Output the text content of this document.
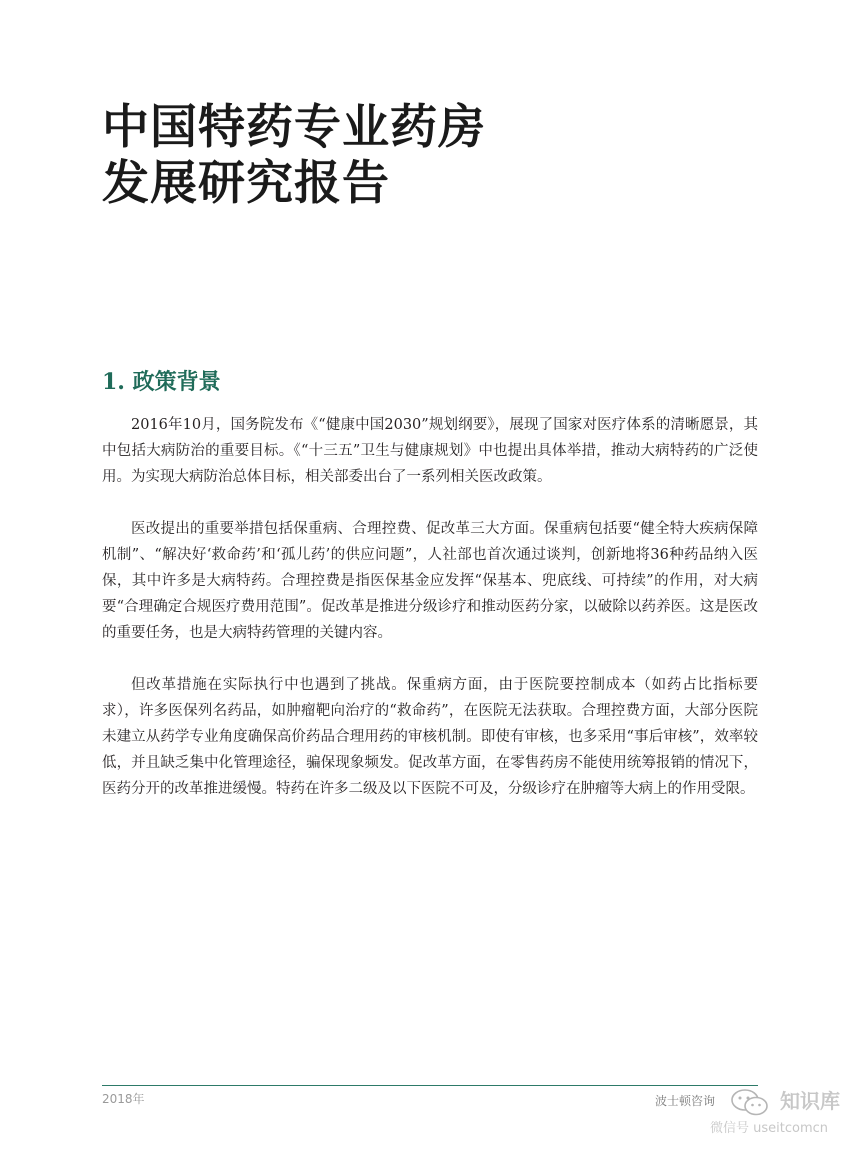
中国特药专业药房
发展研究报告
1. 政策背景

2016年10月，国务院发布《“健康中国2030”规划纲要》，展现了国家对医疗体系的清晰愿景，其中包括大病防治的重要目标。《“十三五”卫生与健康规划》中也提出具体举措，推动大病特药的广泛使用。为实现大病防治总体目标，相关部委出台了一系列相关医改政策。

医改提出的重要举措包括保重病、合理控费、促改革三大方面。保重病包括要“健全特大疾病保障机制”、“解决好‘救命药’和‘孤儿药’的供应问题”，人社部也首次通过谈判，创新地将36种药品纳入医保，其中许多是大病特药。合理控费是指医保基金应发挥“保基本、兜底线、可持续”的作用，对大病要“合理确定合规医疗费用范围”。促改革是推进分级诊疗和推动医药分家，以破除以药养医。这是医改的重要任务，也是大病特药管理的关键内容。

但改革措施在实际执行中也遇到了挑战。保重病方面，由于医院要控制成本（如药占比指标要求），许多医保列名药品，如肿瘤靶向治疗的“救命药”，在医院无法获取。合理控费方面，大部分医院未建立从药学专业角度确保高价药品合理用药的审核机制。即使有审核，也多采用“事后审核”，效率较低，并且缺乏集中化管理途径，骗保现象频发。促改革方面，在零售药房不能使用统筹报销的情况下，医药分开的改革推进缓慢。特药在许多二级及以下医院不可及，分级诊疗在肿瘤等大病上的作用受限。

2018年	波士顿咨询	知识库
微信号 useitcomcn
